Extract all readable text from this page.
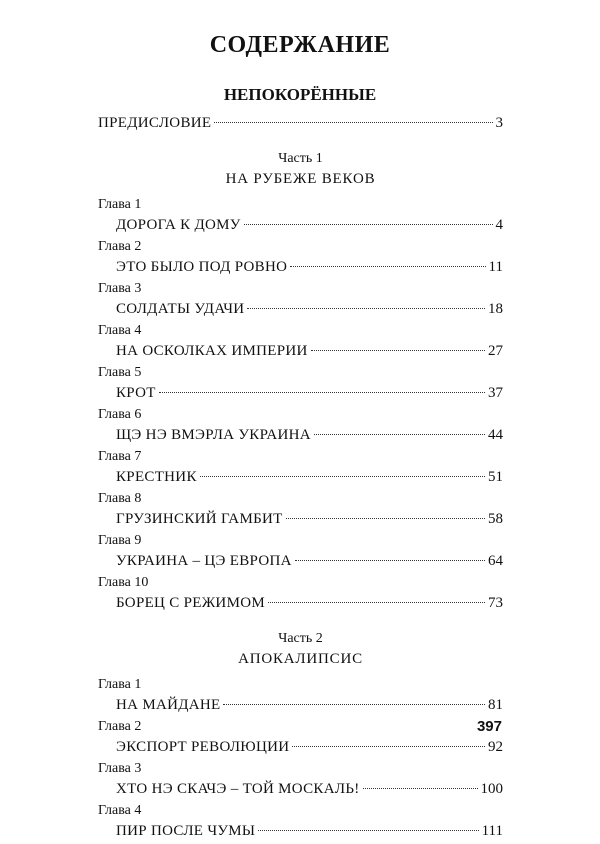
СОДЕРЖАНИЕ
НЕПОКОРЁННЫЕ
ПРЕДИСЛОВИЕ	3
Часть 1
НА РУБЕЖЕ ВЕКОВ
Глава 1
ДОРОГА К ДОМУ	4
Глава 2
ЭТО БЫЛО ПОД РОВНО	11
Глава 3
СОЛДАТЫ УДАЧИ	18
Глава 4
НА ОСКОЛКАХ ИМПЕРИИ	27
Глава 5
КРОТ	37
Глава 6
ЩЭ НЭ ВМЭРЛА УКРАИНА	44
Глава 7
КРЕСТНИК	51
Глава 8
ГРУЗИНСКИЙ ГАМБИТ	58
Глава 9
УКРАИНА – ЦЭ ЕВРОПА	64
Глава 10
БОРЕЦ С РЕЖИМОМ	73
Часть 2
АПОКАЛИПСИС
Глава 1
НА МАЙДАНЕ	81
Глава 2
ЭКСПОРТ РЕВОЛЮЦИИ	92
Глава 3
ХТО НЭ СКАЧЭ – ТОЙ МОСКАЛЬ!	100
Глава 4
ПИР ПОСЛЕ ЧУМЫ	111
397
